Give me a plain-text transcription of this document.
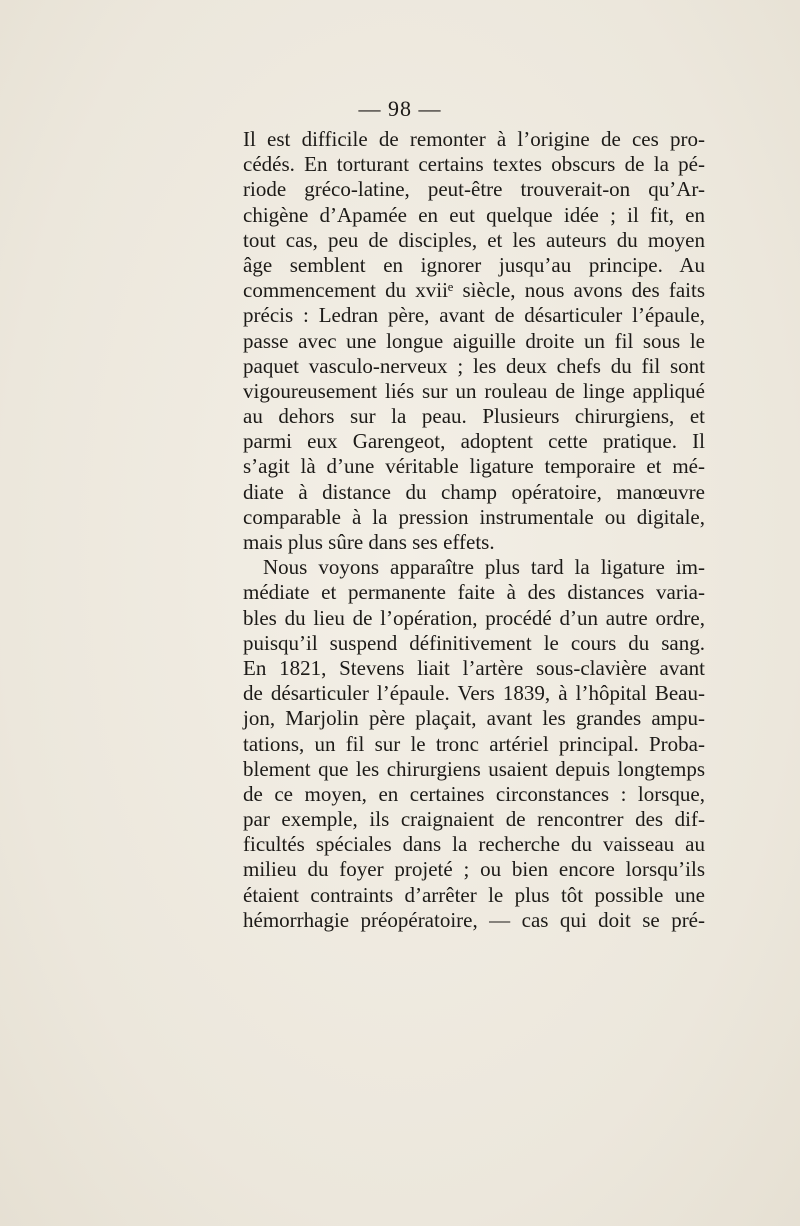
— 98 —
Il est difficile de remonter à l’origine de ces pro-
cédés. En torturant certains textes obscurs de la pé-
riode gréco-latine, peut-être trouverait-on qu’Ar-
chigène d’Apamée en eut quelque idée ; il fit, en
tout cas, peu de disciples, et les auteurs du moyen
âge semblent en ignorer jusqu’au principe. Au
commencement du xviiᵉ siècle, nous avons des faits
précis : Ledran père, avant de désarticuler l’épaule,
passe avec une longue aiguille droite un fil sous le
paquet vasculo-nerveux ; les deux chefs du fil sont
vigoureusement liés sur un rouleau de linge appliqué
au dehors sur la peau. Plusieurs chirurgiens, et
parmi eux Garengeot, adoptent cette pratique. Il
s’agit là d’une véritable ligature temporaire et mé-
diate à distance du champ opératoire, manœuvre
comparable à la pression instrumentale ou digitale,
mais plus sûre dans ses effets.
Nous voyons apparaître plus tard la ligature im-
médiate et permanente faite à des distances varia-
bles du lieu de l’opération, procédé d’un autre ordre,
puisqu’il suspend définitivement le cours du sang.
En 1821, Stevens liait l’artère sous-clavière avant
de désarticuler l’épaule. Vers 1839, à l’hôpital Beau-
jon, Marjolin père plaçait, avant les grandes ampu-
tations, un fil sur le tronc artériel principal. Proba-
blement que les chirurgiens usaient depuis longtemps
de ce moyen, en certaines circonstances : lorsque,
par exemple, ils craignaient de rencontrer des dif-
ficultés spéciales dans la recherche du vaisseau au
milieu du foyer projeté ; ou bien encore lorsqu’ils
étaient contraints d’arrêter le plus tôt possible une
hémorrhagie préopératoire, — cas qui doit se pré-
